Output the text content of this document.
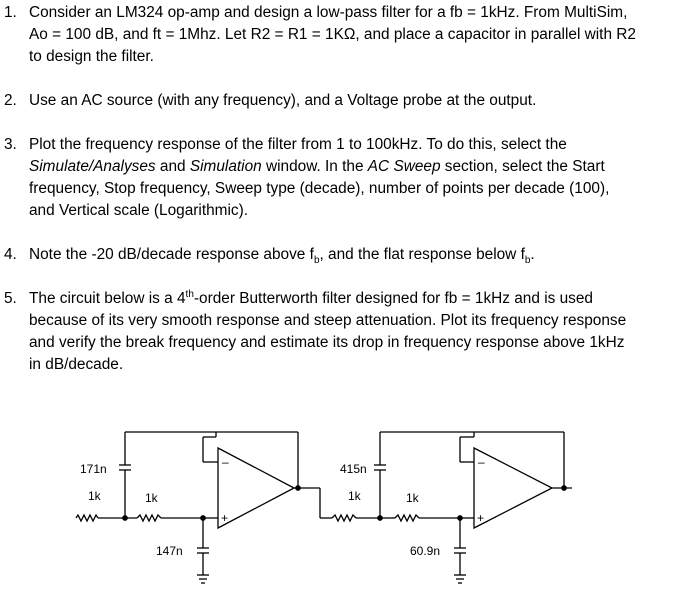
1. Consider an LM324 op-amp and design a low-pass filter for a fb = 1kHz. From MultiSim,
Ao = 100 dB, and ft = 1Mhz. Let R2 = R1 = 1KΩ, and place a capacitor in parallel with R2
to design the filter.
2. Use an AC source (with any frequency), and a Voltage probe at the output.
3. Plot the frequency response of the filter from 1 to 100kHz. To do this, select the
Simulate/Analyses and Simulation window. In the AC Sweep section, select the Start
frequency, Stop frequency, Sweep type (decade), number of points per decade (100),
and Vertical scale (Logarithmic).
4. Note the -20 dB/decade response above $f_b$, and the flat response below $f_b$.
5. The circuit below is a 4th-order Butterworth filter designed for fb = 1kHz and is used
because of its very smooth response and steep attenuation. Plot its frequency response
and verify the break frequency and estimate its drop in frequency response above 1kHz
in dB/decade.
171n
1k	1k
147n
415n
1k	1k
60.9n
–
+
–
+
